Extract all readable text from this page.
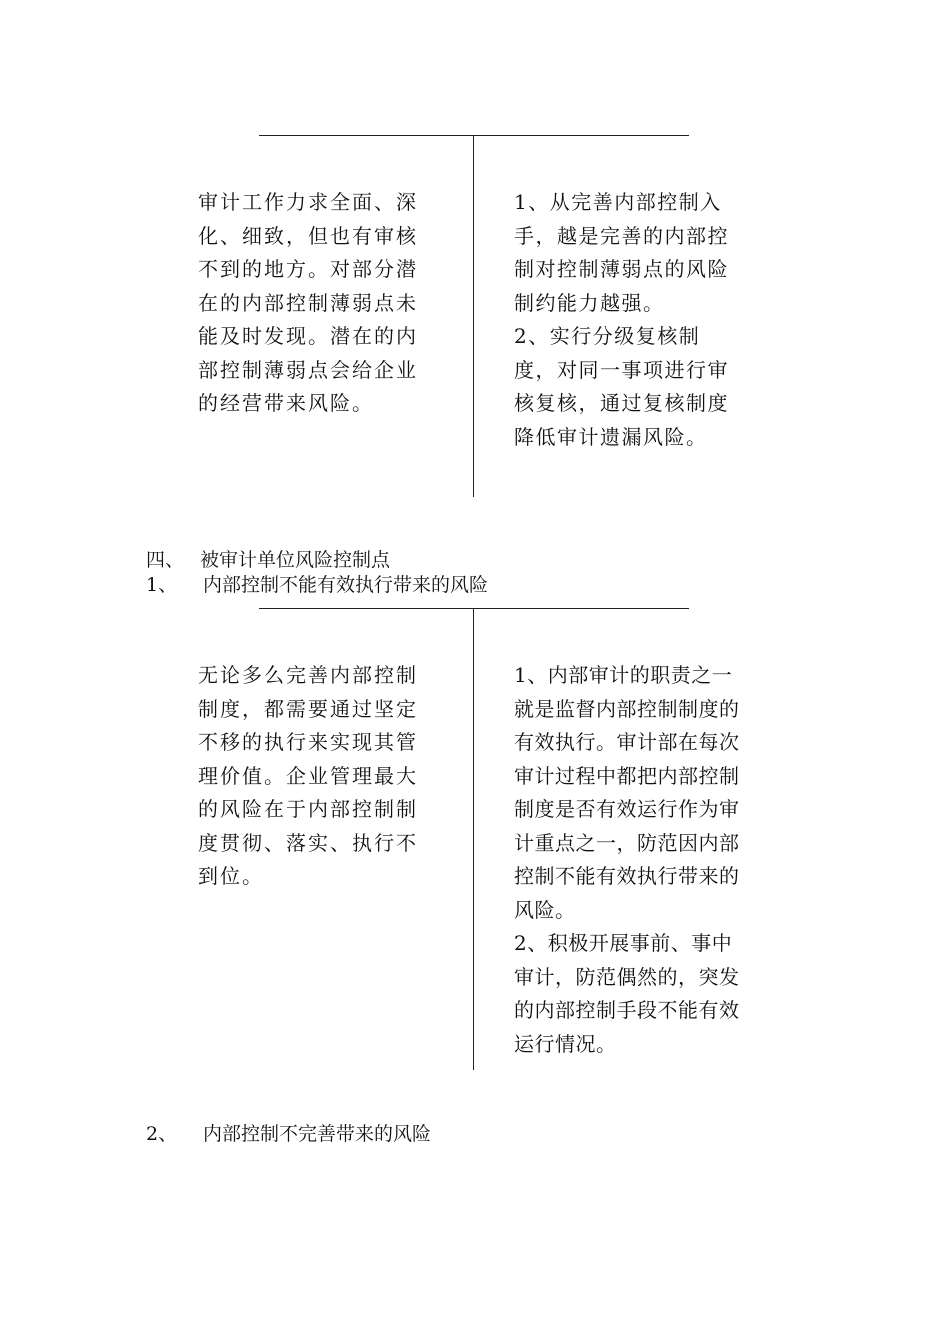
审计工作力求全面、深
化、细致，但也有审核
不到的地方。对部分潜
在的内部控制薄弱点未
能及时发现。潜在的内
部控制薄弱点会给企业
的经营带来风险。

1、从完善内部控制入
手，越是完善的内部控
制对控制薄弱点的风险
制约能力越强。
2、实行分级复核制
度，对同一事项进行审
核复核，通过复核制度
降低审计遗漏风险。

四、 被审计单位风险控制点
1、 内部控制不能有效执行带来的风险

无论多么完善内部控制
制度，都需要通过坚定
不移的执行来实现其管
理价值。企业管理最大
的风险在于内部控制制
度贯彻、落实、执行不
到位。

1、内部审计的职责之一
就是监督内部控制制度的
有效执行。审计部在每次
审计过程中都把内部控制
制度是否有效运行作为审
计重点之一，防范因内部
控制不能有效执行带来的
风险。
2、积极开展事前、事中
审计，防范偶然的，突发
的内部控制手段不能有效
运行情况。

2、 内部控制不完善带来的风险
